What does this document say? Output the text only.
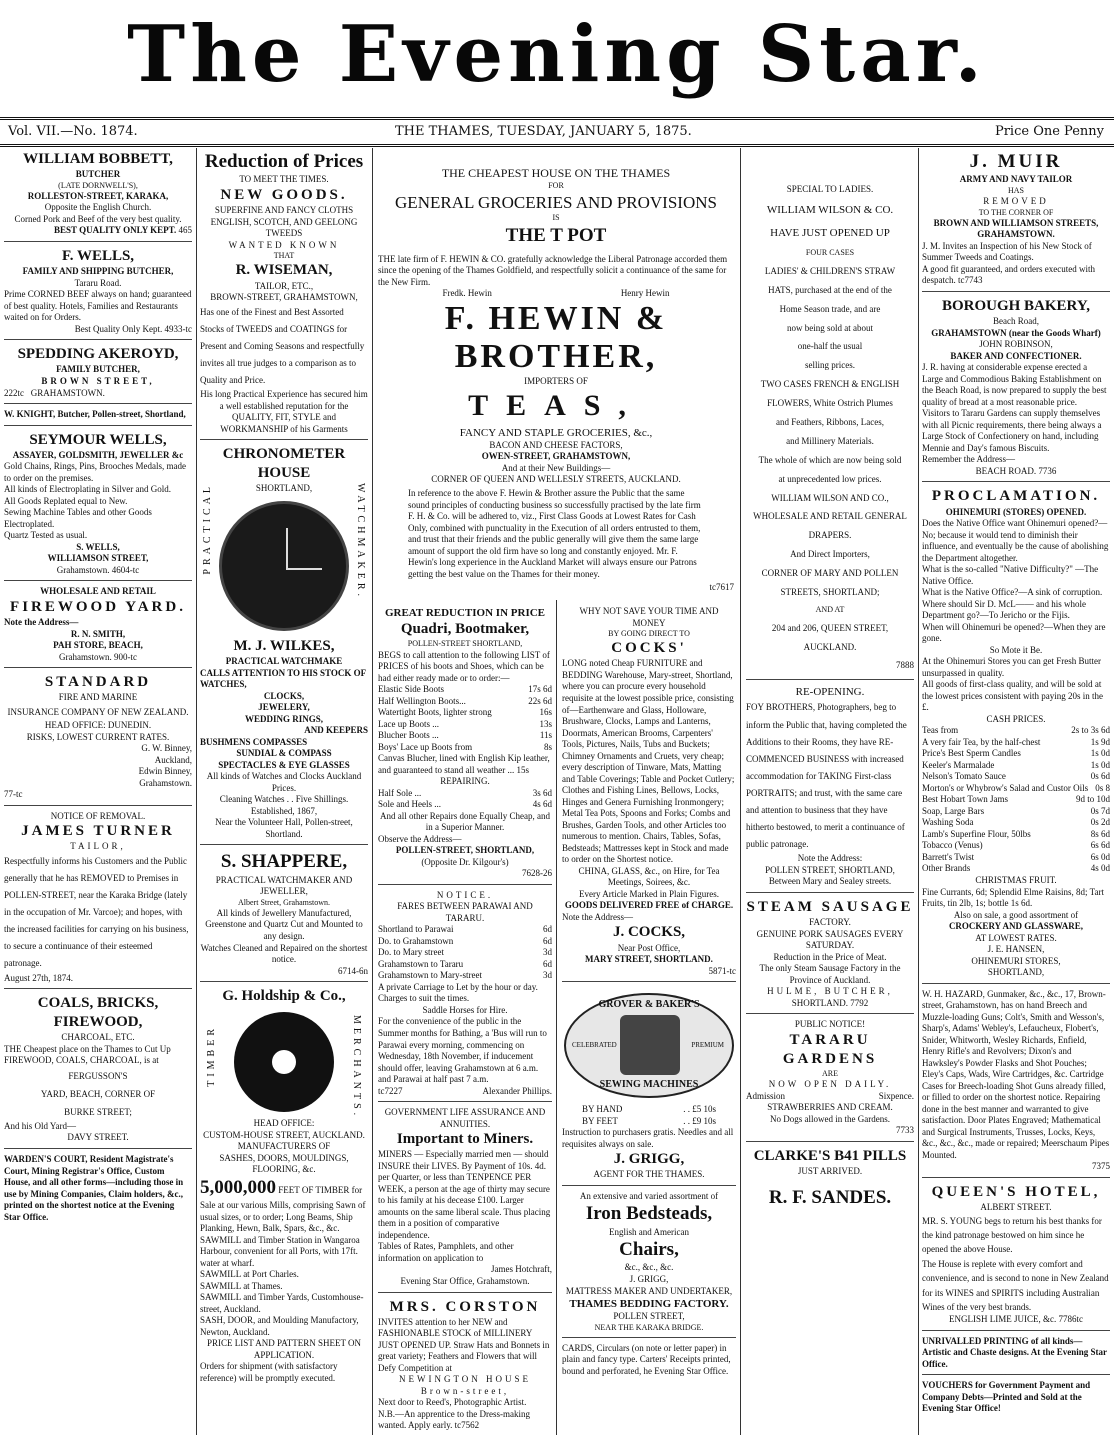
The Evening Star.
Vol. VII.—No. 1874.	THE THAMES, TUESDAY, JANUARY 5, 1875.	Price One Penny
WILLIAM BOBBETT,
BUTCHER
(LATE DORNWELL'S),
ROLLESTON-STREET, KARAKA,
Opposite the English Church.
Corned Pork and Beef of the very best quality.
BEST QUALITY ONLY KEPT. 465
F. WELLS,
FAMILY AND SHIPPING BUTCHER,
Tararu Road.
Prime CORNED BEEF always on hand; guaranteed of best quality. Hotels, Families and Restaurants waited on for Orders.
Best Quality Only Kept. 4933-tc
SPEDDING AKEROYD,
FAMILY BUTCHER,
BROWN STREET,
222tc GRAHAMSTOWN.
W. KNIGHT, Butcher, Pollen-street, Shortland,
SEYMOUR WELLS,
ASSAYER, GOLDSMITH, JEWELLER &c
Gold Chains, Rings, Pins, Brooches Medals, made to order on the premises.
All kinds of Electroplating in Silver and Gold.
All Goods Replated equal to New.
Sewing Machine Tables and other Goods Electroplated.
Quartz Tested as usual.
S. WELLS,
WILLIAMSON STREET,
Grahamstown. 4604-tc
WHOLESALE AND RETAIL
FIREWOOD YARD.
Note the Address—
R. N. SMITH,
PAH STORE, BEACH,
Grahamstown. 900-tc
STANDARD
FIRE AND MARINE
INSURANCE COMPANY OF NEW ZEALAND.
HEAD OFFICE: DUNEDIN.
RISKS, LOWEST CURRENT RATES.
G. W. Binney,
Auckland,
Edwin Binney,
Grahamstown.
77-tc
NOTICE OF REMOVAL.
JAMES TURNER
TAILOR,
Respectfully informs his Customers and the Public generally that he has REMOVED to Premises in POLLEN-STREET, near the Karaka Bridge (lately in the occupation of Mr. Varcoe); and hopes, with the increased facilities for carrying on his business, to secure a continuance of their esteemed patronage.
August 27th, 1874.
COALS, BRICKS, FIREWOOD,
CHARCOAL, ETC.
THE Cheapest place on the Thames to Cut Up FIREWOOD, COALS, CHARCOAL, is at
FERGUSSON'S
YARD, BEACH, CORNER OF
BURKE STREET;
And his Old Yard—
DAVY STREET.
WARDEN'S COURT, Resident Magistrate's Court, Mining Registrar's Office, Custom House, and all other forms—including those in use by Mining Companies, Claim holders, &c., printed on the shortest notice at the Evening Star Office.
Reduction of Prices
TO MEET THE TIMES.
NEW GOODS.
SUPERFINE AND FANCY CLOTHS
ENGLISH, SCOTCH, AND GEELONG TWEEDS
WANTED KNOWN
THAT
R. WISEMAN,
TAILOR, ETC.,
BROWN-STREET, GRAHAMSTOWN,
Has one of the Finest and Best Assorted Stocks of TWEEDS and COATINGS for Present and Coming Seasons and respectfully invites all true judges to a comparison as to Quality and Price.
His long Practical Experience has secured him a well established reputation for the QUALITY, FIT, STYLE and WORKMANSHIP of his Garments
CHRONOMETER HOUSE
SHORTLAND,
PRACTICAL	WATCHMAKER.
M. J. WILKES,
PRACTICAL WATCHMAKE
CALLS ATTENTION TO HIS STOCK OF WATCHES,
CLOCKS,
JEWELERY,
WEDDING RINGS,
AND KEEPERS
BUSHMENS COMPASSES
SUNDIAL & COMPASS
SPECTACLES & EYE GLASSES
All kinds of Watches and Clocks Auckland Prices.
Cleaning Watches . . Five Shillings.
Established, 1867,
Near the Volunteer Hall, Pollen-street, Shortland.
S. SHAPPERE,
PRACTICAL WATCHMAKER AND JEWELLER,
Albert Street, Grahamstown.
All kinds of Jewellery Manufactured, Greenstone and Quartz Cut and Mounted to any design.
Watches Cleaned and Repaired on the shortest notice.
6714-6n
G. Holdship & Co.,
TIMBER	MERCHANTS.
HEAD OFFICE:
CUSTOM-HOUSE STREET, AUCKLAND.
MANUFACTURERS OF
SASHES, DOORS, MOULDINGS, FLOORING, &c.
5,000,000 FEET OF TIMBER for Sale at our various Mills, comprising Sawn of usual sizes, or to order; Long Beams, Ship Planking, Hewn, Balk, Spars, &c., &c.
SAWMILL and Timber Station in Wangaroa Harbour, convenient for all Ports, with 17ft. water at wharf.
SAWMILL at Port Charles.
SAWMILL at Thames.
SAWMILL and Timber Yards, Customhouse-street, Auckland.
SASH, DOOR, and Moulding Manufactory, Newton, Auckland.
PRICE LIST AND PATTERN SHEET ON APPLICATION.
Orders for shipment (with satisfactory reference) will be promptly executed.
THE CHEAPEST HOUSE ON THE THAMES
FOR
GENERAL GROCERIES AND PROVISIONS
IS
THE T POT
THE late firm of F. HEWIN & CO. gratefully acknowledge the Liberal Patronage accorded them since the opening of the Thames Goldfield, and respectfully solicit a continuance of the same for the New Firm.
Fredk. Hewin	Henry Hewin
F. HEWIN & BROTHER,
IMPORTERS OF
TEAS,
FANCY AND STAPLE GROCERIES, &c.,
BACON AND CHEESE FACTORS,
OWEN-STREET, GRAHAMSTOWN,
And at their New Buildings—
CORNER OF QUEEN AND WELLESLY STREETS, AUCKLAND.
In reference to the above F. Hewin & Brother assure the Public that the same sound principles of conducting business so successfully practised by the late firm F. H. & Co. will be adhered to, viz., First Class Goods at Lowest Rates for Cash Only, combined with punctuality in the Execution of all orders entrusted to them, and trust that their friends and the public generally will give them the same large amount of support the old firm have so long and constantly enjoyed. Mr. F. Hewin's long experience in the Auckland Market will always ensure our Patrons getting the best value on the Thames for their money.
tc7617
GREAT REDUCTION IN PRICE
Quadri, Bootmaker,
POLLEN-STREET SHORTLAND,
BEGS to call attention to the following LIST of PRICES of his boots and Shoes, which can be had either ready made or to order:—
Elastic Side Boots	17s 6d
Half Wellington Boots...	22s 6d
Watertight Boots, lighter strong	16s
Lace up Boots ...	13s
Blucher Boots ...	11s
Boys' Lace up Boots from	8s
Canvas Blucher, lined with English Kip leather, and guaranteed to stand all weather ... 15s
REPAIRING.
Half Sole ...	3s 6d
Sole and Heels ...	4s 6d
And all other Repairs done Equally Cheap, and in a Superior Manner.
Observe the Address—
POLLEN-STREET, SHORTLAND,
(Opposite Dr. Kilgour's)
7628-26
NOTICE.
FARES BETWEEN PARAWAI AND TARARU.
Shortland to Parawai	6d
Do. to Grahamstown	6d
Do. to Mary street	3d
Grahamstown to Tararu	6d
Grahamstown to Mary-street	3d
A private Carriage to Let by the hour or day. Charges to suit the times.
Saddle Horses for Hire.
For the convenience of the public in the Summer months for Bathing, a 'Bus will run to Parawai every morning, commencing on Wednesday, 18th November, if inducement should offer, leaving Grahamstown at 6 a.m. and Parawai at half past 7 a.m.
tc7227	Alexander Phillips.
GOVERNMENT LIFE ASSURANCE AND ANNUITIES.
Important to Miners.
MINERS — Especially married men — should INSURE their LIVES. By Payment of 10s. 4d. per Quarter, or less than TENPENCE PER WEEK, a person at the age of thirty may secure to his family at his decease £100. Larger amounts on the same liberal scale. Thus placing them in a position of comparative independence.
Tables of Rates, Pamphlets, and other information on application to
James Hotchraft,
Evening Star Office, Grahamstown.
MRS. CORSTON
INVITES attention to her NEW and FASHIONABLE STOCK of MILLINERY JUST OPENED UP. Straw Hats and Bonnets in great variety; Feathers and Flowers that will Defy Competition at
NEWINGTON HOUSE
Brown-street,
Next door to Reed's, Photographic Artist.
N.B.—An apprentice to the Dress-making wanted. Apply early. tc7562
WHY NOT SAVE YOUR TIME AND MONEY
BY GOING DIRECT TO
COCKS'
LONG noted Cheap FURNITURE and BEDDING Warehouse, Mary-street, Shortland, where you can procure every household requisite at the lowest possible price, consisting of—Earthenware and Glass, Holloware, Brushware, Clocks, Lamps and Lanterns, Doormats, American Brooms, Carpenters' Tools, Pictures, Nails, Tubs and Buckets; Chimney Ornaments and Cruets, very cheap; every description of Tinware, Mats, Matting and Table Coverings; Table and Pocket Cutlery; Clothes and Fishing Lines, Bellows, Locks, Hinges and Genera Furnishing Ironmongery; Metal Tea Pots, Spoons and Forks; Combs and Brushes, Garden Tools, and other Articles too numerous to mention. Chairs, Tables, Sofas, Bedsteads; Mattresses kept in Stock and made to order on the Shortest notice.
CHINA, GLASS, &c., on Hire, for Tea Meetings, Soirees, &c.
Every Article Marked in Plain Figures.
GOODS DELIVERED FREE of CHARGE.
Note the Address—
J. COCKS,
Near Post Office,
MARY STREET, SHORTLAND.
5871-tc
GROVER & BAKER'S
SEWING MACHINES
CELEBRATED	PREMIUM
BY HAND	. . £5 10s
BY FEET	. . £9 10s
Instruction to purchasers gratis. Needles and all requisites always on sale.
J. GRIGG,
AGENT FOR THE THAMES.
An extensive and varied assortment of
Iron Bedsteads,
English and American
Chairs,
&c., &c., &c.
J. GRIGG,
MATTRESS MAKER AND UNDERTAKER,
THAMES BEDDING FACTORY.
POLLEN STREET,
NEAR THE KARAKA BRIDGE.
CARDS, Circulars (on note or letter paper) in plain and fancy type. Carters' Receipts printed, bound and perforated, he Evening Star Office.
SPECIAL TO LADIES.
WILLIAM WILSON & CO.
HAVE JUST OPENED UP
FOUR CASES
LADIES' & CHILDREN'S STRAW
HATS, purchased at the end of the
Home Season trade, and are
now being sold at about
one-half the usual
selling prices.
TWO CASES FRENCH & ENGLISH
FLOWERS, White Ostrich Plumes
and Feathers, Ribbons, Laces,
and Millinery Materials.
The whole of which are now being sold
at unprecedented low prices.
WILLIAM WILSON AND CO.,
WHOLESALE AND RETAIL GENERAL
DRAPERS.
And Direct Importers,
CORNER OF MARY AND POLLEN
STREETS, SHORTLAND;
AND AT
204 and 206, QUEEN STREET,
AUCKLAND.
7888
RE-OPENING.
FOY BROTHERS, Photographers, beg to inform the Public that, having completed the Additions to their Rooms, they have RE-COMMENCED BUSINESS with increased accommodation for TAKING First-class PORTRAITS; and trust, with the same care and attention to business that they have hitherto bestowed, to merit a continuance of public patronage.
Note the Address:
POLLEN STREET, SHORTLAND,
Between Mary and Sealey streets.
STEAM SAUSAGE
FACTORY.
GENUINE PORK SAUSAGES EVERY SATURDAY.
Reduction in the Price of Meat.
The only Steam Sausage Factory in the Province of Auckland.
HULME, BUTCHER,
SHORTLAND. 7792
PUBLIC NOTICE!
TARARU GARDENS
ARE
NOW OPEN DAILY.
Admission	Sixpence.
STRAWBERRIES AND CREAM.
No Dogs allowed in the Gardens.
7733
CLARKE'S B41 PILLS
JUST ARRIVED.
R. F. SANDES.
J. MUIR
ARMY AND NAVY TAILOR
HAS
REMOVED
TO THE CORNER OF
BROWN AND WILLIAMSON STREETS,
GRAHAMSTOWN.
J. M. Invites an Inspection of his New Stock of Summer Tweeds and Coatings.
A good fit guaranteed, and orders executed with despatch. tc7743
BOROUGH BAKERY,
Beach Road,
GRAHAMSTOWN (near the Goods Wharf)
JOHN ROBINSON,
BAKER AND CONFECTIONER.
J. R. having at considerable expense erected a Large and Commodious Baking Establishment on the Beach Road, is now prepared to supply the best quality of bread at a most reasonable price.
Visitors to Tararu Gardens can supply themselves with all Picnic requirements, there being always a Large Stock of Confectionery on hand, including Mennie and Day's famous Biscuits.
Remember the Address—
BEACH ROAD. 7736
PROCLAMATION.
OHINEMURI (STORES) OPENED.
Does the Native Office want Ohinemuri opened?—No; because it would tend to diminish their influence, and eventually be the cause of abolishing the Department altogether.
What is the so-called "Native Difficulty?" —The Native Office.
What is the Native Office?—A sink of corruption.
Where should Sir D. McL—— and his whole Department go?—To Jericho or the Fijis.
When will Ohinemuri be opened?—When they are gone.
So Mote it Be.
At the Ohinemuri Stores you can get Fresh Butter unsurpassed in quality.
All goods of first-class quality, and will be sold at the lowest prices consistent with paying 20s in the £.
CASH PRICES.
Teas from	2s to 3s 6d
A very fair Tea, by the half-chest	1s 9d
Price's Best Sperm Candles	1s 0d
Keeler's Marmalade	1s 0d
Nelson's Tomato Sauce	0s 6d
Morton's or Whybrow's Salad and Custor Oils 0s 8
Best Hobart Town Jams	9d to 10d
Soap, Large Bars	0s 7d
Washing Soda	0s 2d
Lamb's Superfine Flour, 50lbs	8s 6d
Tobacco (Venus)	6s 6d
Barrett's Twist	6s 0d
Other Brands	4s 0d
CHRISTMAS FRUIT.
Fine Currants, 6d; Splendid Elme Raisins, 8d; Tart Fruits, tin 2lb, 1s; bottle 1s 6d.
Also on sale, a good assortment of
CROCKERY AND GLASSWARE,
AT LOWEST RATES.
J. E. HANSEN,
OHINEMURI STORES,
SHORTLAND,
W. H. HAZARD, Gunmaker, &c., &c., 17, Brown-street, Grahamstown, has on hand Breech and Muzzle-loading Guns; Colt's, Smith and Wesson's, Sharp's, Adams' Webley's, Lefaucheux, Flobert's, Snider, Whitworth, Wesley Richards, Enfield, Henry Rifle's and Revolvers; Dixon's and Hawksley's Powder Flasks and Shot Pouches; Eley's Caps, Wads, Wire Cartridges, &c. Cartridge Cases for Breech-loading Shot Guns already filled, or filled to order on the shortest notice. Repairing done in the best manner and warranted to give satisfaction. Door Plates Engraved; Mathematical and Surgical Instruments, Trusses, Locks, Keys, &c., &c., &c., made or repaired; Meerschaum Pipes Mounted.
7375
QUEEN'S HOTEL,
ALBERT STREET.
MR. S. YOUNG begs to return his best thanks for the kind patronage bestowed on him since he opened the above House.
The House is replete with every comfort and convenience, and is second to none in New Zealand for its WINES and SPIRITS including Australian Wines of the very best brands.
ENGLISH LIME JUICE, &c. 7786tc
UNRIVALLED PRINTING of all kinds—Artistic and Chaste designs. At the Evening Star Office.
VOUCHERS for Government Payment and Company Debts—Printed and Sold at the Evening Star Office!
